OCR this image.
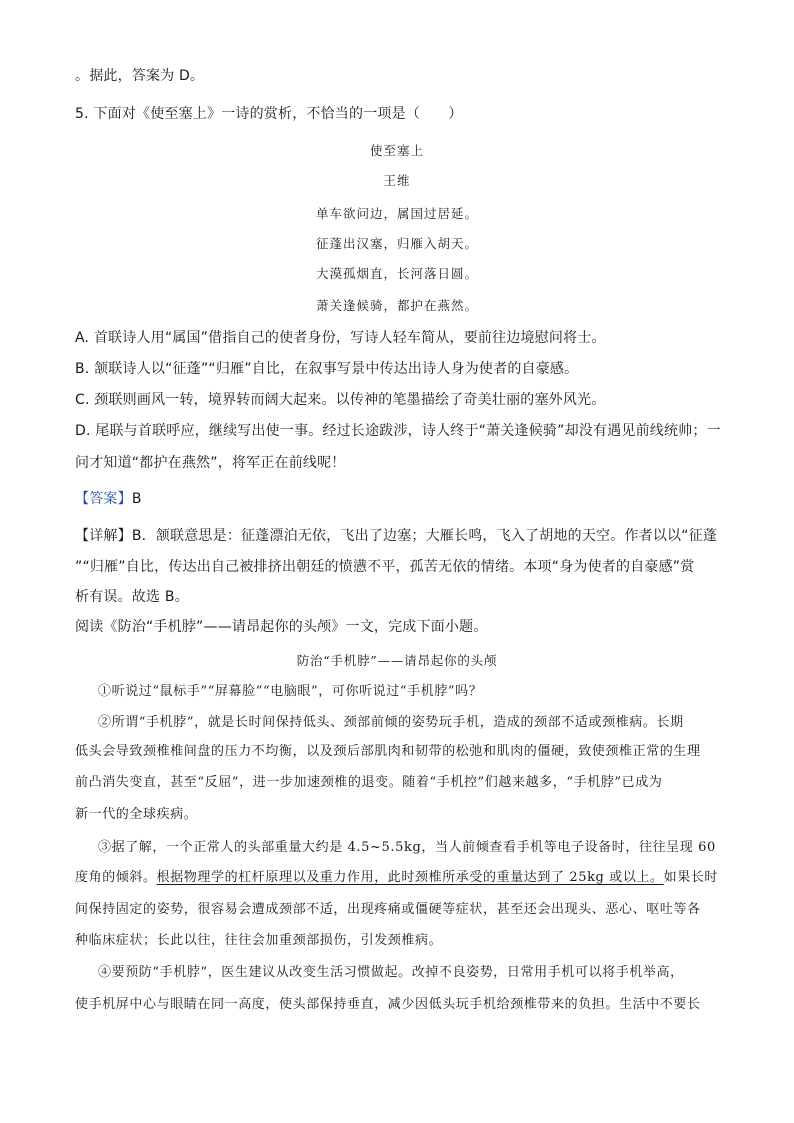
。据此，答案为 D。
5. 下面对《使至塞上》一诗的赏析，不恰当的一项是（　　）
使至塞上
王维
单车欲问边，属国过居延。
征蓬出汉塞，归雁入胡天。
大漠孤烟直，长河落日圆。
萧关逢候骑，都护在燕然。
A. 首联诗人用“属国”借指自己的使者身份，写诗人轻车简从，要前往边境慰问将士。
B. 颔联诗人以“征蓬”“归雁”自比，在叙事写景中传达出诗人身为使者的自豪感。
C. 颈联则画风一转，境界转而阔大起来。以传神的笔墨描绘了奇美壮丽的塞外风光。
D. 尾联与首联呼应，继续写出使一事。经过长途跋涉，诗人终于“萧关逢候骑”却没有遇见前线统帅；一
问才知道“都护在燕然”，将军正在前线呢！
【答案】B
【详解】B．颔联意思是：征蓬漂泊无依，飞出了边塞；大雁长鸣，飞入了胡地的天空。作者以以“征蓬
”“归雁”自比，传达出自己被排挤出朝廷的愤懑不平，孤苦无依的情绪。本项“身为使者的自豪感”赏
析有误。故选 B。
阅读《防治“手机脖”——请昂起你的头颅》一文，完成下面小题。
防治“手机脖”——请昂起你的头颅
①听说过“鼠标手”“屏幕脸”“电脑眼”，可你听说过“手机脖”吗？
②所谓“手机脖”，就是长时间保持低头、颈部前倾的姿势玩手机，造成的颈部不适或颈椎病。长期
低头会导致颈椎椎间盘的压力不均衡，以及颈后部肌肉和韧带的松弛和肌肉的僵硬，致使颈椎正常的生理
前凸消失变直，甚至“反屈”，进一步加速颈椎的退变。随着“手机控”们越来越多，“手机脖”已成为
新一代的全球疾病。
③据了解，一个正常人的头部重量大约是 4.5~5.5kg，当人前倾查看手机等电子设备时，往往呈现 60
度角的倾斜。根据物理学的杠杆原理以及重力作用，此时颈椎所承受的重量达到了 25kg 或以上。如果长时
间保持固定的姿势，很容易会遭成颈部不适，出现疼痛或僵硬等症状，甚至还会出现头、恶心、呕吐等各
种临床症状；长此以往，往往会加重颈部损伤，引发颈椎病。
④要预防“手机脖”，医生建议从改变生活习惯做起。改掉不良姿势，日常用手机可以将手机举高，
使手机屏中心与眼睛在同一高度，使头部保持垂直，减少因低头玩手机给颈椎带来的负担。生活中不要长
